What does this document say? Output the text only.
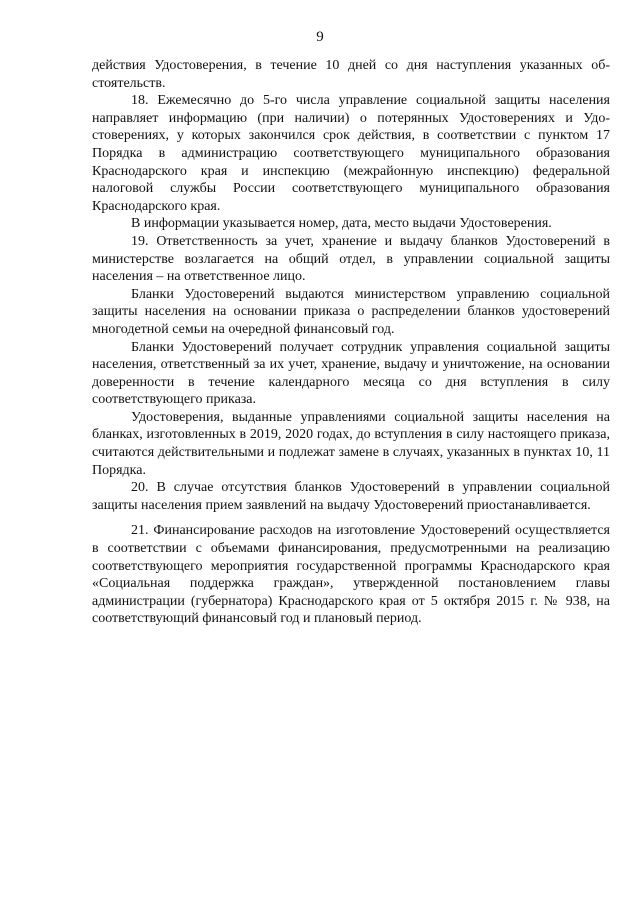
9

действия Удостоверения, в течение 10 дней со дня наступления указанных обстоятельств.

18. Ежемесячно до 5-го числа управление социальной защиты населения направляет информацию (при наличии) о потерянных Удостоверениях и Удостоверениях, у которых закончился срок действия, в соответствии с пунктом 17 Порядка в администрацию соответствующего муниципального образования Краснодарского края и инспекцию (межрайонную инспекцию) федеральной налоговой службы России соответствующего муниципального образования Краснодарского края.

В информации указывается номер, дата, место выдачи Удостоверения.

19. Ответственность за учет, хранение и выдачу бланков Удостоверений в министерстве возлагается на общий отдел, в управлении социальной защиты населения – на ответственное лицо.

Бланки Удостоверений выдаются министерством управлению социальной защиты населения на основании приказа о распределении бланков удостоверений многодетной семьи на очередной финансовый год.

Бланки Удостоверений получает сотрудник управления социальной защиты населения, ответственный за их учет, хранение, выдачу и уничтожение, на основании доверенности в течение календарного месяца со дня вступления в силу соответствующего приказа.

Удостоверения, выданные управлениями социальной защиты населения на бланках, изготовленных в 2019, 2020 годах, до вступления в силу настоящего приказа, считаются действительными и подлежат замене в случаях, указанных в пунктах 10, 11 Порядка.

20. В случае отсутствия бланков Удостоверений в управлении социальной защиты населения прием заявлений на выдачу Удостоверений приостанавливается.

21. Финансирование расходов на изготовление Удостоверений осуществляется в соответствии с объемами финансирования, предусмотренными на реализацию соответствующего мероприятия государственной программы Краснодарского края «Социальная поддержка граждан», утвержденной постановлением главы администрации (губернатора) Краснодарского края от 5 октября 2015 г. № 938, на соответствующий финансовый год и плановый период.
